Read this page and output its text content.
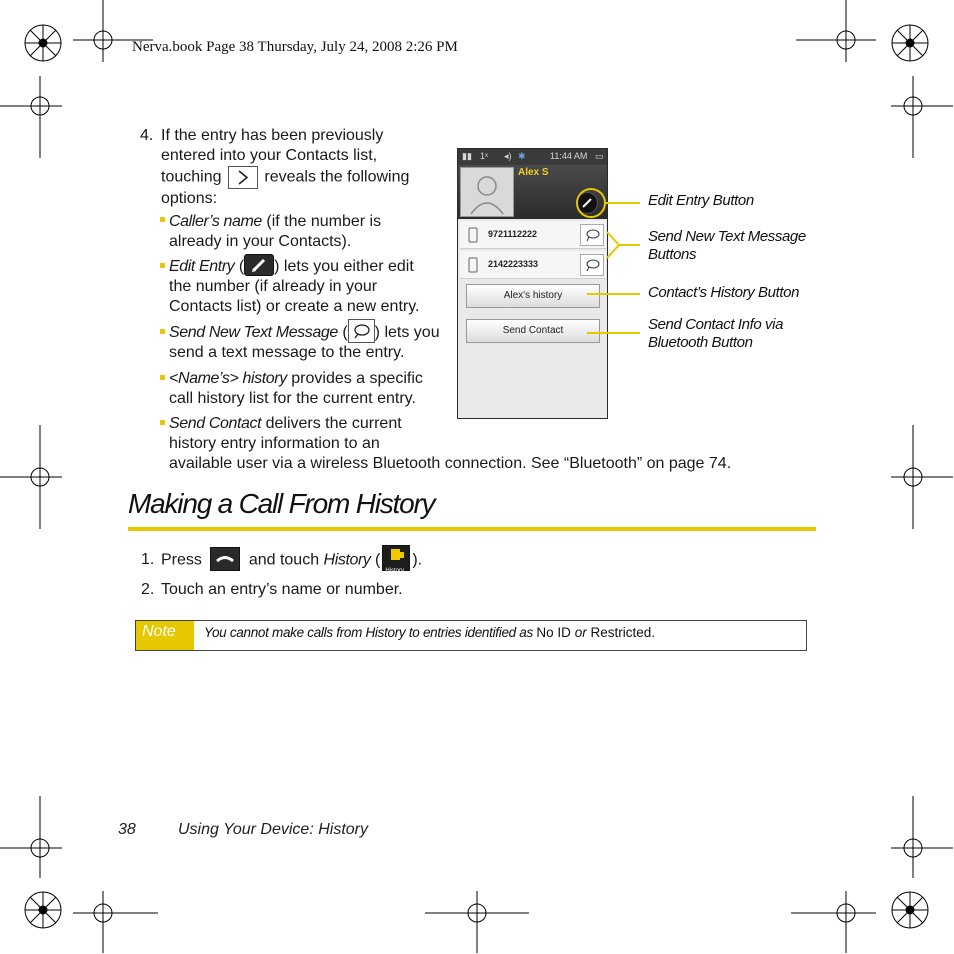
Nerva.book Page 38 Thursday, July 24, 2008 2:26 PM
4. If the entry has been previously
entered into your Contacts list,
touching	reveals the following
options:
Caller’s name (if the number is
already in your Contacts).
Edit Entry ( ) lets you either edit
the number (if already in your
Contacts list) or create a new entry.
Send New Text Message ( ) lets you
send a text message to the entry.
<Name’s> history provides a specific
call history list for the current entry.
Send Contact delivers the current
history entry information to an
available user via a wireless Bluetooth connection. See “Bluetooth” on page 74.
▮▮ 1ˣ ◂) ✱	11:44 AM ▭
Alex S
9721112222
2142223333
Alex's history
Send Contact
Edit Entry Button
Send New Text Message
Buttons
Contact’s History Button
Send Contact Info via
Bluetooth Button
Making a Call From History
1. Press	and touch History (
History
).
2. Touch an entry’s name or number.
Note	You cannot make calls from History to entries identified as No ID or Restricted.
38	Using Your Device: History
